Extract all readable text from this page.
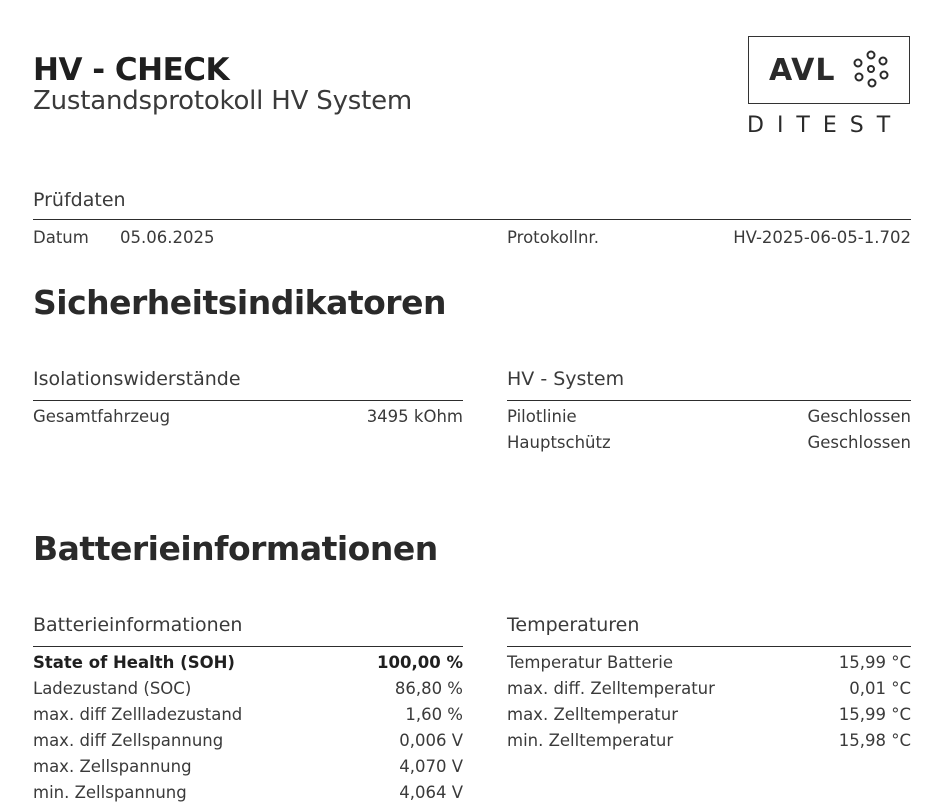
HV - CHECK
Zustandsprotokoll HV System
AVL
DITEST
Prüfdaten
Datum 05.06.2025	Protokollnr.	HV-2025-06-05-1.702
Sicherheitsindikatoren
Isolationswiderstände
Gesamtfahrzeug	3495 kOhm
HV - System
Pilotlinie	Geschlossen
Hauptschütz	Geschlossen
Batterieinformationen
Batterieinformationen
State of Health (SOH)	100,00 %
Ladezustand (SOC)	86,80 %
max. diff Zellladezustand	1,60 %
max. diff Zellspannung	0,006 V
max. Zellspannung	4,070 V
min. Zellspannung	4,064 V
Temperaturen
Temperatur Batterie	15,99 °C
max. diff. Zelltemperatur	0,01 °C
max. Zelltemperatur	15,99 °C
min. Zelltemperatur	15,98 °C
